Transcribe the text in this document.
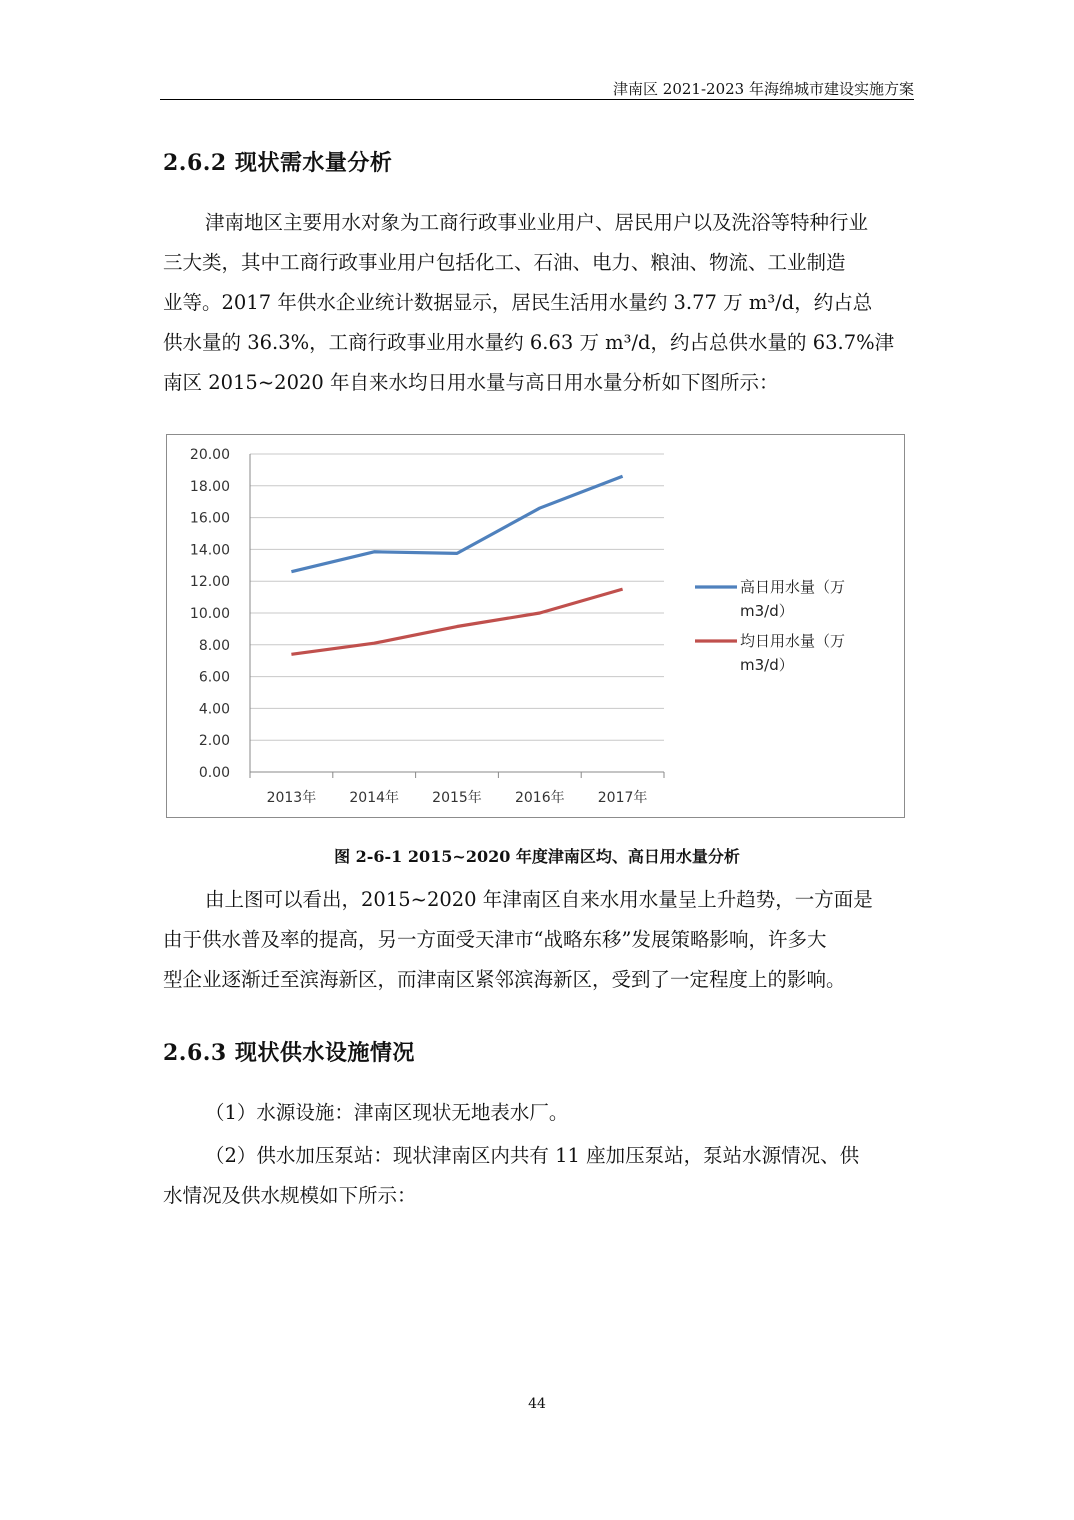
津南区 2021-2023 年海绵城市建设实施方案
2.6.2 现状需水量分析
津南地区主要用水对象为工商行政事业业用户、居民用户以及洗浴等特种行业
三大类，其中工商行政事业用户包括化工、石油、电力、粮油、物流、工业制造
业等。2017 年供水企业统计数据显示，居民生活用水量约 3.77 万 m³/d，约占总
供水量的 36.3%，工商行政事业用水量约 6.63 万 m³/d，约占总供水量的 63.7%津
南区 2015~2020 年自来水均日用水量与高日用水量分析如下图所示：
0.00
2.00
4.00
6.00
8.00
10.00
12.00
14.00
16.00
18.00
20.00
2013年 2014年 2015年 2016年 2017年
高日用水量（万
m3/d）
均日用水量（万
m3/d）
图 2-6-1 2015~2020 年度津南区均、高日用水量分析
由上图可以看出，2015~2020 年津南区自来水用水量呈上升趋势，一方面是
由于供水普及率的提高，另一方面受天津市“战略东移”发展策略影响，许多大
型企业逐渐迁至滨海新区，而津南区紧邻滨海新区，受到了一定程度上的影响。
2.6.3 现状供水设施情况
（1）水源设施：津南区现状无地表水厂。
（2）供水加压泵站：现状津南区内共有 11 座加压泵站，泵站水源情况、供
水情况及供水规模如下所示：
44
